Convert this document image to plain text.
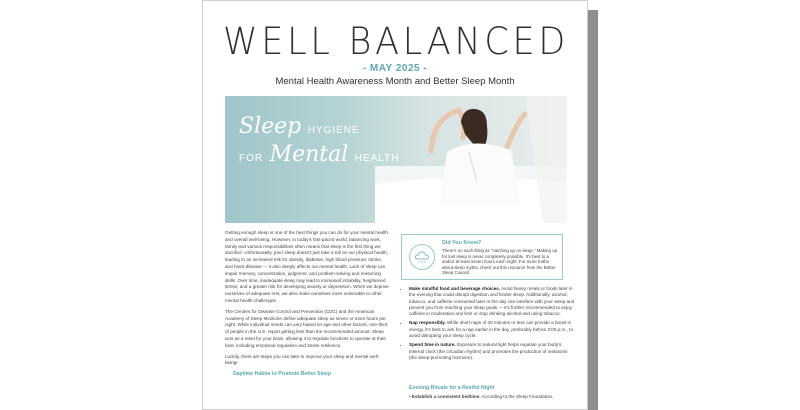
WELL BALANCED
- MAY 2025 -
Mental Health Awareness Month and Better Sleep Month
Sleep HYGIENE
FOR Mental HEALTH

Getting enough sleep is one of the best things you can do for your mental health and overall well-being. However, in today's fast-paced world, balancing work, family and various responsibilities often means that sleep is the first thing we sacrifice. Unfortunately, poor sleep doesn't just take a toll on our physical health, leading to an increased risk for obesity, diabetes, high blood pressure, stroke, and heart disease — it also deeply affects our mental health. Lack of sleep can impair memory, concentration, judgment, and problem-solving and reasoning skills. Over time, inadequate sleep may lead to increased irritability, heightened stress, and a greater risk for developing anxiety or depression. When we deprive ourselves of adequate rest, we also make ourselves more vulnerable to other mental health challenges.

The Centers for Disease Control and Prevention (CDC) and the American Academy of Sleep Medicine define adequate sleep as seven or more hours per night. While individual needs can vary based on age and other factors, one-third of people in the U.S. report getting less than the recommended amount. Sleep acts as a reset for your brain, allowing it to regulate functions to operate at their best, including emotional regulation and stress resilience.

Luckily, there are steps you can take to improve your sleep and mental well-being!

Daytime Habits to Promote Better Sleep
Did You Know?
There's no such thing as "catching up on sleep." Making up for lost sleep is never completely possible. It's best to a and/or at least seven hours each night. For more truths about sleep myths, check out this resource from the Better Sleep Council.
• Make mindful food and beverage choices. Avoid heavy meals or foods later in the evening that could disrupt digestion and hinder sleep. Additionally, alcohol, tobacco, and caffeine consumed later in the day can interfere with your sleep and prevent you from reaching your sleep goals — it's further recommended to enjoy caffeine in moderation and limit or stop drinking alcohol and using tobacco.
• Nap responsibly. While short naps of 20 minutes or less can provide a boost in energy, it's best to aim for a nap earlier in the day, preferably before 3:00 p.m., to avoid disrupting your sleep cycle.
• Spend time in nature. Exposure to natural light helps regulate your body's internal clock (the circadian rhythm) and promotes the production of melatonin (the sleep-promoting hormone).
Evening Rituals for a Restful Night
• Establish a consistent bedtime. According to the Sleep Foundation,
